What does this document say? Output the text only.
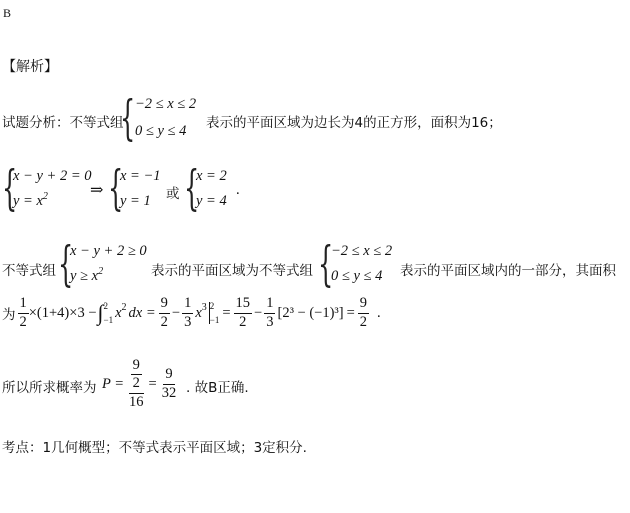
B
【解析】
试题分析：不等式组
{ −2 ≤ x ≤ 2
0 ≤ y ≤ 4 表示的平面区域为边长为4的正方形，面积为16；
{
x − y + 2 = 0
$y = x^2$	⇒ {
x = −1
y = 1 或 {
x = 2
y = 4
.
不等式组 {
x − y + 2 ≥ 0
$y \ge x^2$	表示的平面区域为不等式组 {
−2 ≤ x ≤ 2
0 ≤ y ≤ 4 表示的平面区域内的一部分，其面积
为 $\frac{1}{2} \times(1+4)\times 3$ − ∫ 2
−1 x 2 dx = $\frac{9}{2} - \frac{1}{3}$ x 3 2
$-1 = \frac{15}{2} - \frac{1}{3} [2^3 - (-1)^3] = \frac{9}{2}$ .
所以所求概率为 $P = \frac{\frac{9}{2}}{16} = \frac{9}{32}$ . 故B正确.
考点：1几何概型；不等式表示平面区域；3定积分.
